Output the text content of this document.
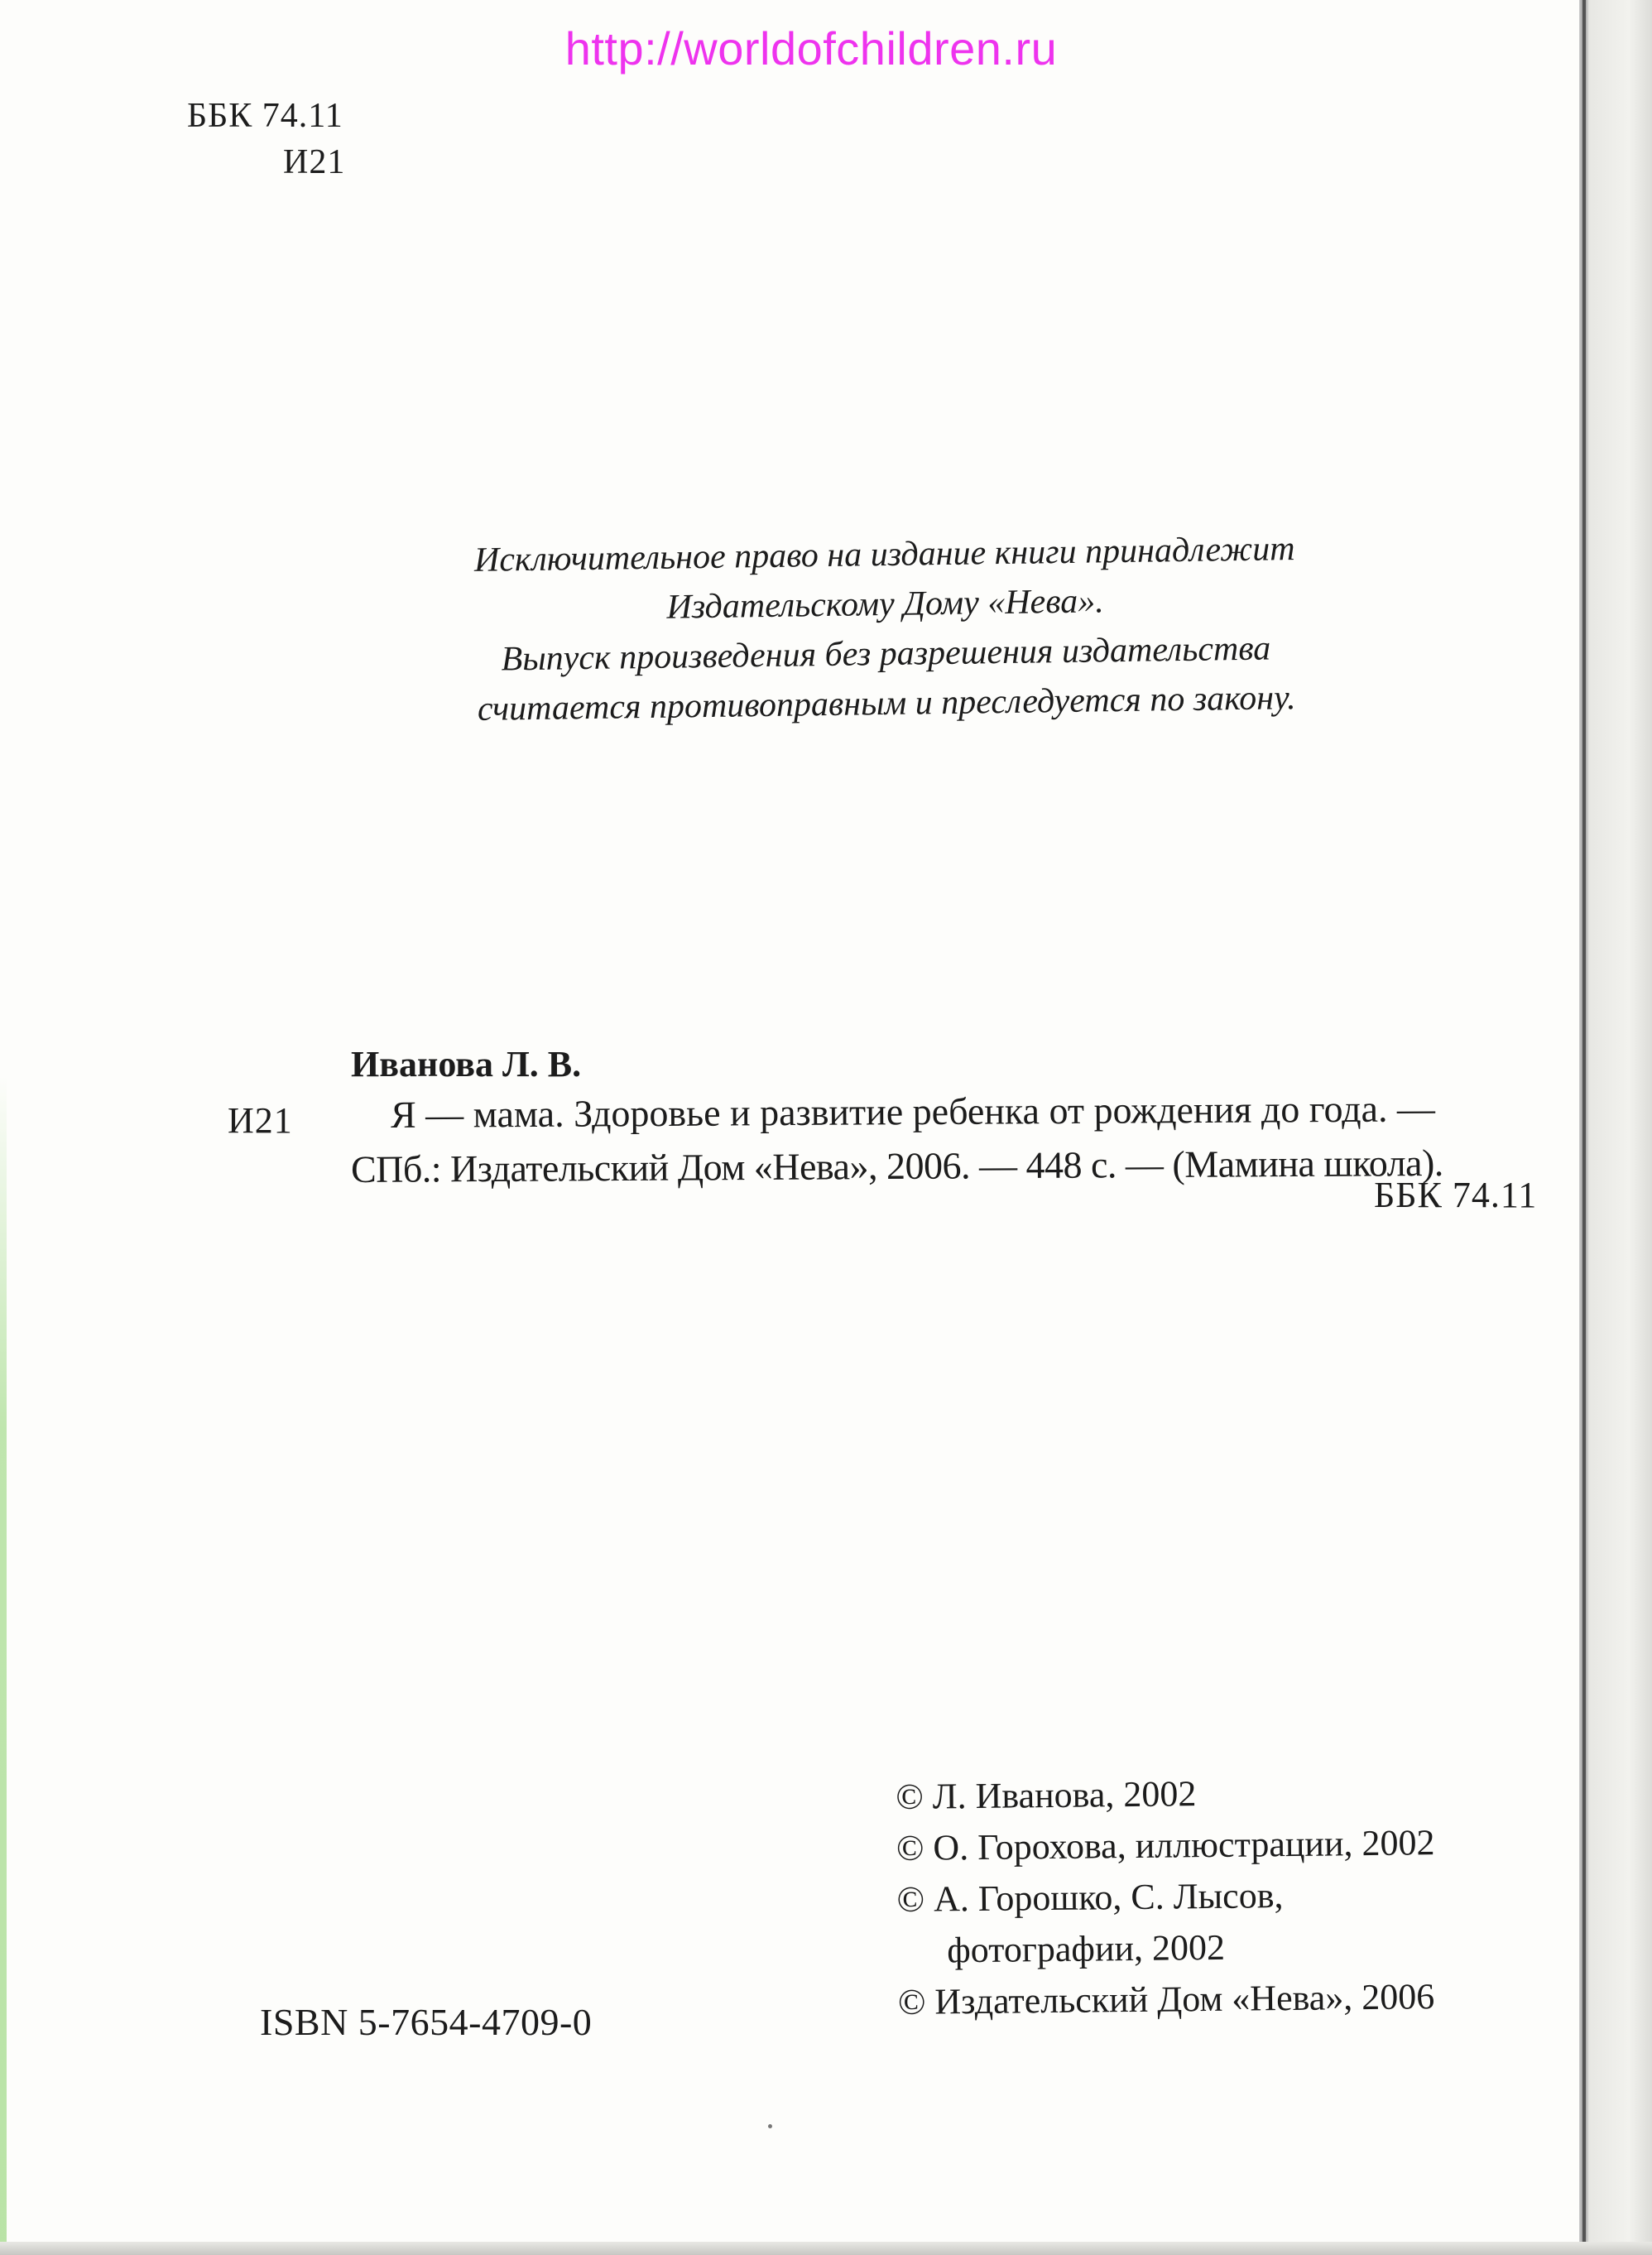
http://worldofchildren.ru
ББК 74.11
И21
Исключительное право на издание книги принадлежит
Издательскому Дому «Нева».
Выпуск произведения без разрешения издательства
считается противоправным и преследуется по закону.
Иванова Л. В.
И21	Я — мама. Здоровье и развитие ребенка от рождения до года. —
СПб.: Издательский Дом «Нева», 2006. — 448 с. — (Мамина школа).
ББК 74.11
© Л. Иванова, 2002
© О. Горохова, иллюстрации, 2002
© А. Горошко, С. Лысов,
фотографии, 2002
© Издательский Дом «Нева», 2006
ISBN 5-7654-4709-0
